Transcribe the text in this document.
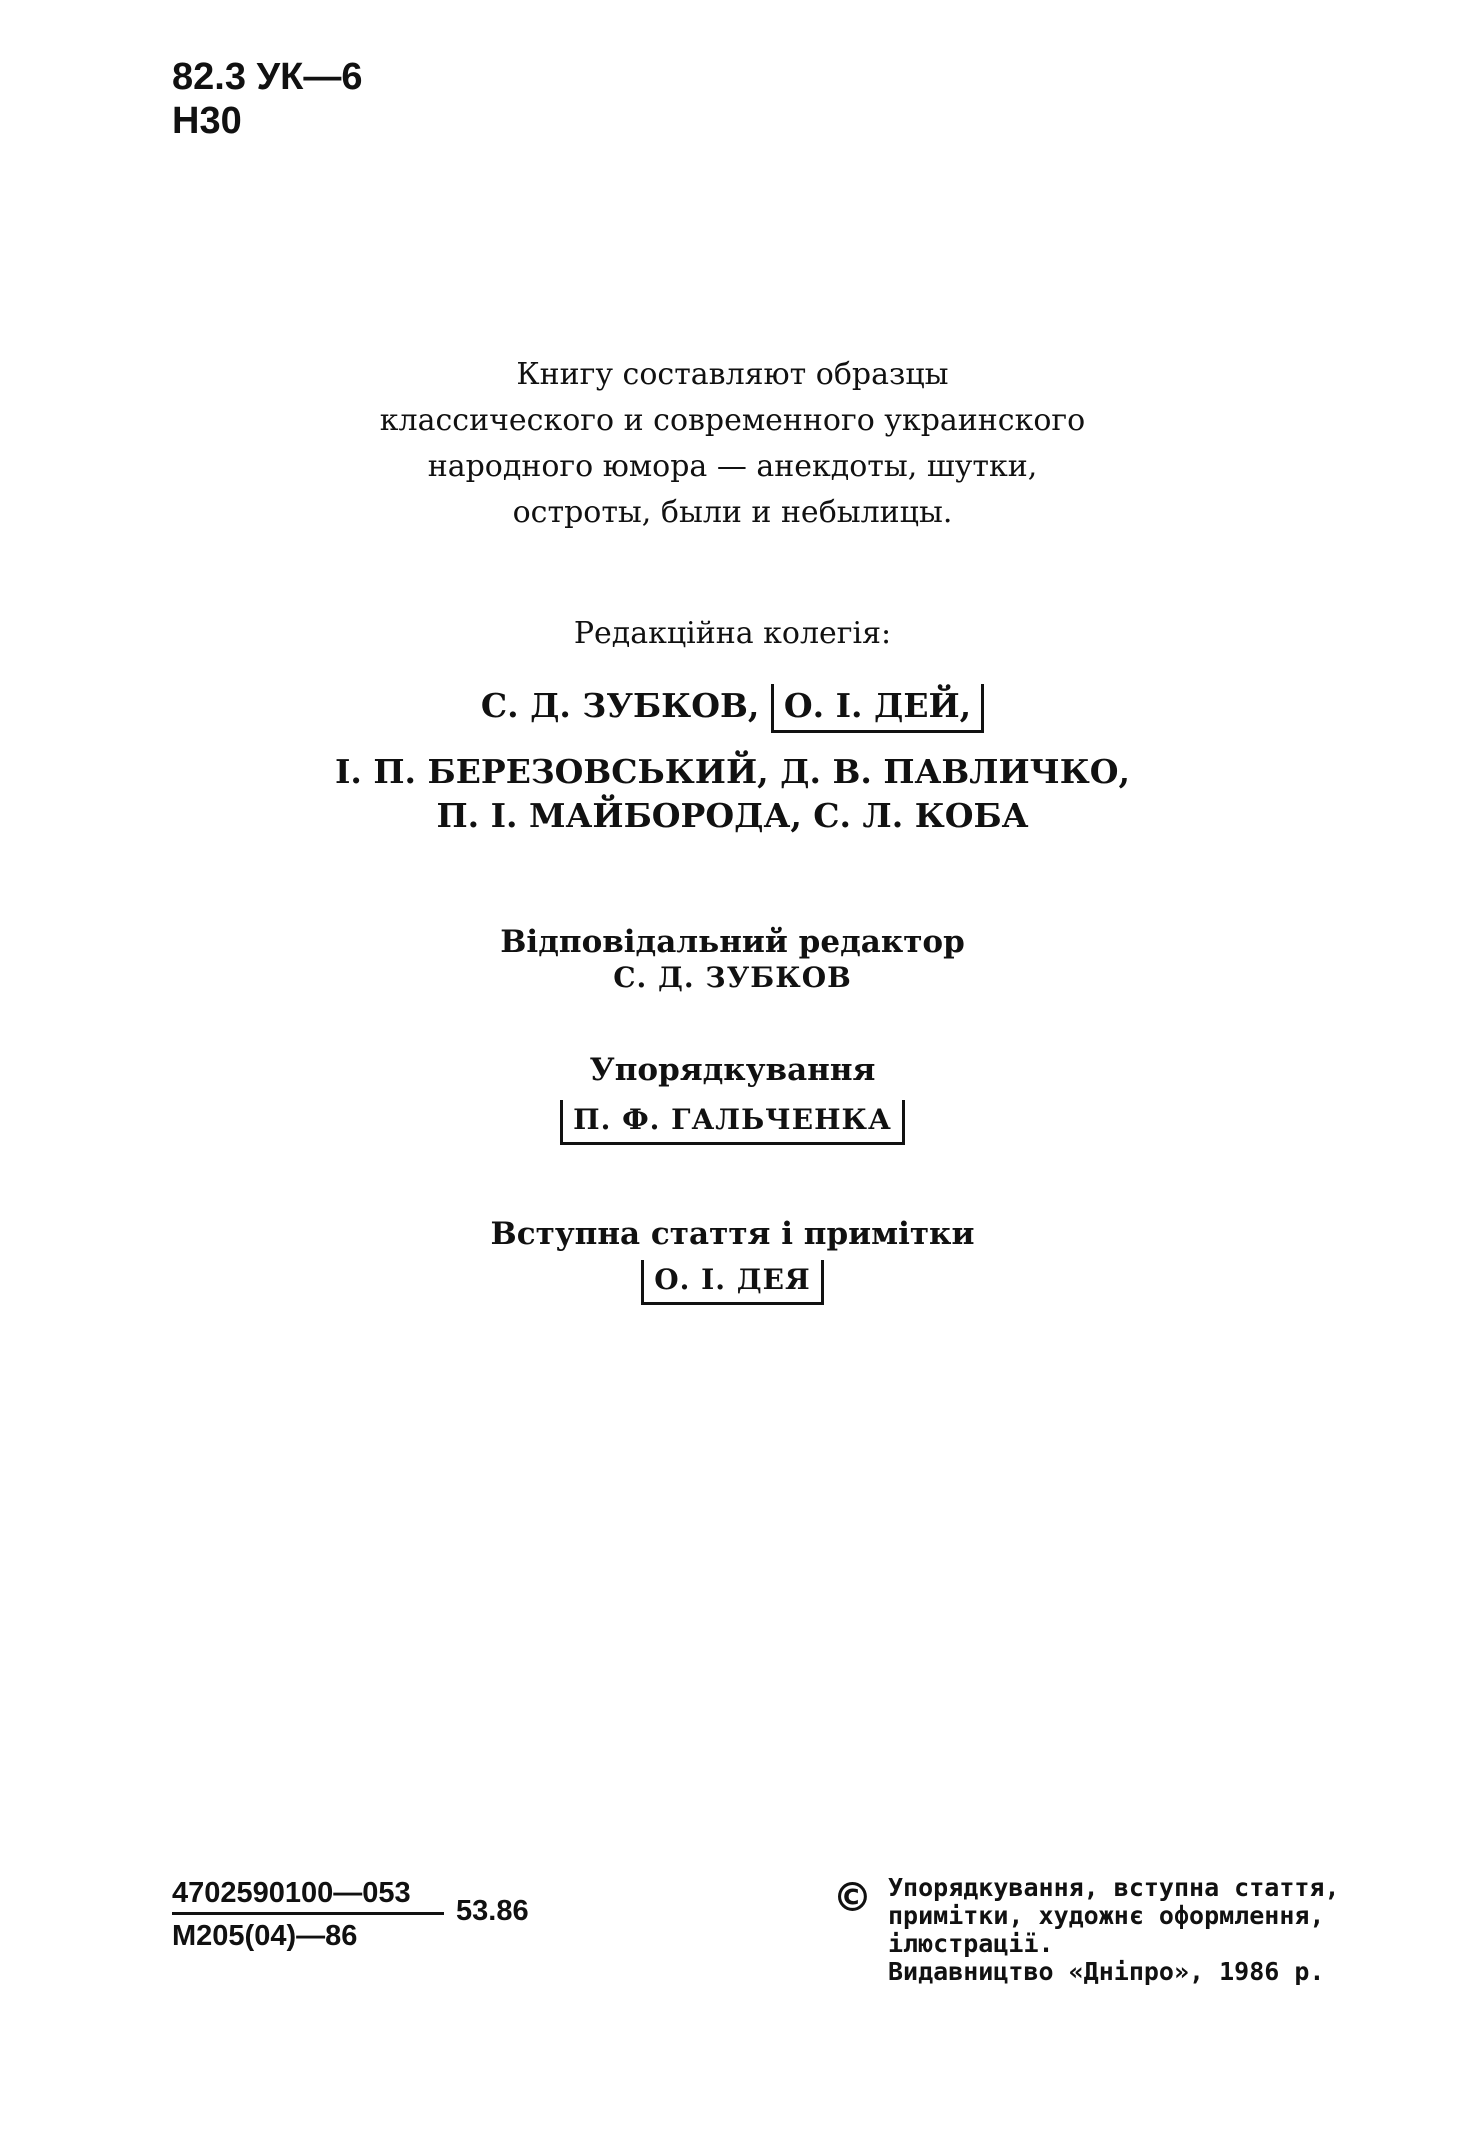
82.3 УК—6
Н30
Книгу составляют образцы
классического и современного украинского
народного юмора — анекдоты, шутки,
остроты, были и небылицы.
Редакційна колегія:
С. Д. ЗУБКОВ, О. І. ДЕЙ,
І. П. БЕРЕЗОВСЬКИЙ, Д. В. ПАВЛИЧКО,
П. І. МАЙБОРОДА, С. Л. КОБА
Відповідальний редактор
С. Д. ЗУБКОВ
Упорядкування
П. Ф. ГАЛЬЧЕНКА
Вступна стаття і примітки
О. І. ДЕЯ
4702590100—053
М205(04)—86
53.86	© Упорядкування, вступна стаття,
примітки, художнє оформлення,
ілюстрації.
Видавництво «Дніпро», 1986 р.
